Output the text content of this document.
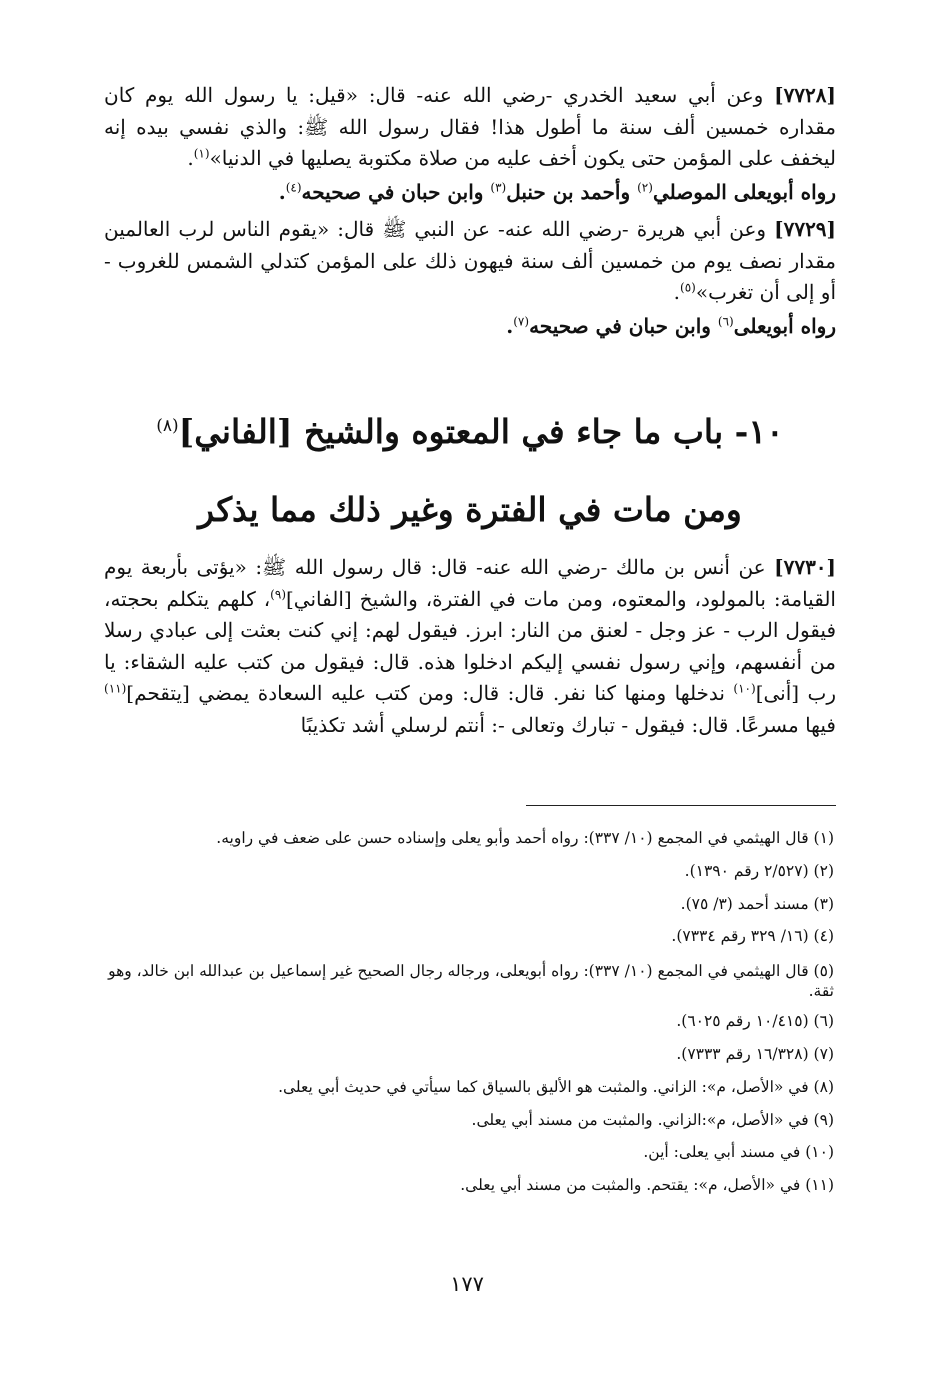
[٧٧٢٨] وعن أبي سعيد الخدري -رضي الله عنه- قال: «قيل: يا رسول الله يوم كان مقداره خمسين ألف سنة ما أطول هذا! فقال رسول الله ﷺ: والذي نفسي بيده إنه ليخفف على المؤمن حتى يكون أخف عليه من صلاة مكتوبة يصليها في الدنيا»$^{(١)}$.

رواه أبويعلى الموصلي$^{(٢)}$ وأحمد بن حنبل$^{(٣)}$ وابن حبان في صحيحه$^{(٤)}$.

[٧٧٢٩] وعن أبي هريرة -رضي الله عنه- عن النبي ﷺ قال: «يقوم الناس لرب العالمين مقدار نصف يوم من خمسين ألف سنة فيهون ذلك على المؤمن كتدلي الشمس للغروب - أو إلى أن تغرب»$^{(٥)}$.

رواه أبويعلى$^{(٦)}$ وابن حبان في صحيحه$^{(٧)}$.

١٠- باب ما جاء في المعتوه والشيخ [الفاني]$^{(٨)}$
ومن مات في الفترة وغير ذلك مما يذكر

[٧٧٣٠] عن أنس بن مالك -رضي الله عنه- قال: قال رسول الله ﷺ: «يؤتى بأربعة يوم القيامة: بالمولود، والمعتوه، ومن مات في الفترة، والشيخ [الفاني]$^{(٩)}$، كلهم يتكلم بحجته، فيقول الرب - عز وجل - لعنق من النار: ابرز. فيقول لهم: إني كنت بعثت إلى عبادي رسلا من أنفسهم، وإني رسول نفسي إليكم ادخلوا هذه. قال: فيقول من كتب عليه الشقاء: يا رب [أنى]$^{(١٠)}$ ندخلها ومنها كنا نفر. قال: قال: ومن كتب عليه السعادة يمضي [يتقحم]$^{(١١)}$ فيها مسرعًا. قال: فيقول - تبارك وتعالى -: أنتم لرسلي أشد تكذيبًا

(١) قال الهيثمي في المجمع (١٠/ ٣٣٧): رواه أحمد وأبو يعلى وإسناده حسن على ضعف في راويه.

(٢) (٢/٥٢٧ رقم ١٣٩٠).

(٣) مسند أحمد (٣/ ٧٥).

(٤) (١٦/ ٣٢٩ رقم ٧٣٣٤).

(٥) قال الهيثمي في المجمع (١٠/ ٣٣٧): رواه أبويعلى، ورجاله رجال الصحيح غير إسماعيل بن عبدالله ابن خالد، وهو ثقة.

(٦) (١٠/٤١٥ رقم ٦٠٢٥).

(٧) (١٦/٣٢٨ رقم ٧٣٣٣).

(٨) في «الأصل، م»: الزاني. والمثبت هو الأليق بالسياق كما سيأتي في حديث أبي يعلى.

(٩) في «الأصل، م»:الزاني. والمثبت من مسند أبي يعلى.

(١٠) في مسند أبي يعلى: أين.

(١١) في «الأصل، م»: يقتحم. والمثبت من مسند أبي يعلى.

١٧٧
